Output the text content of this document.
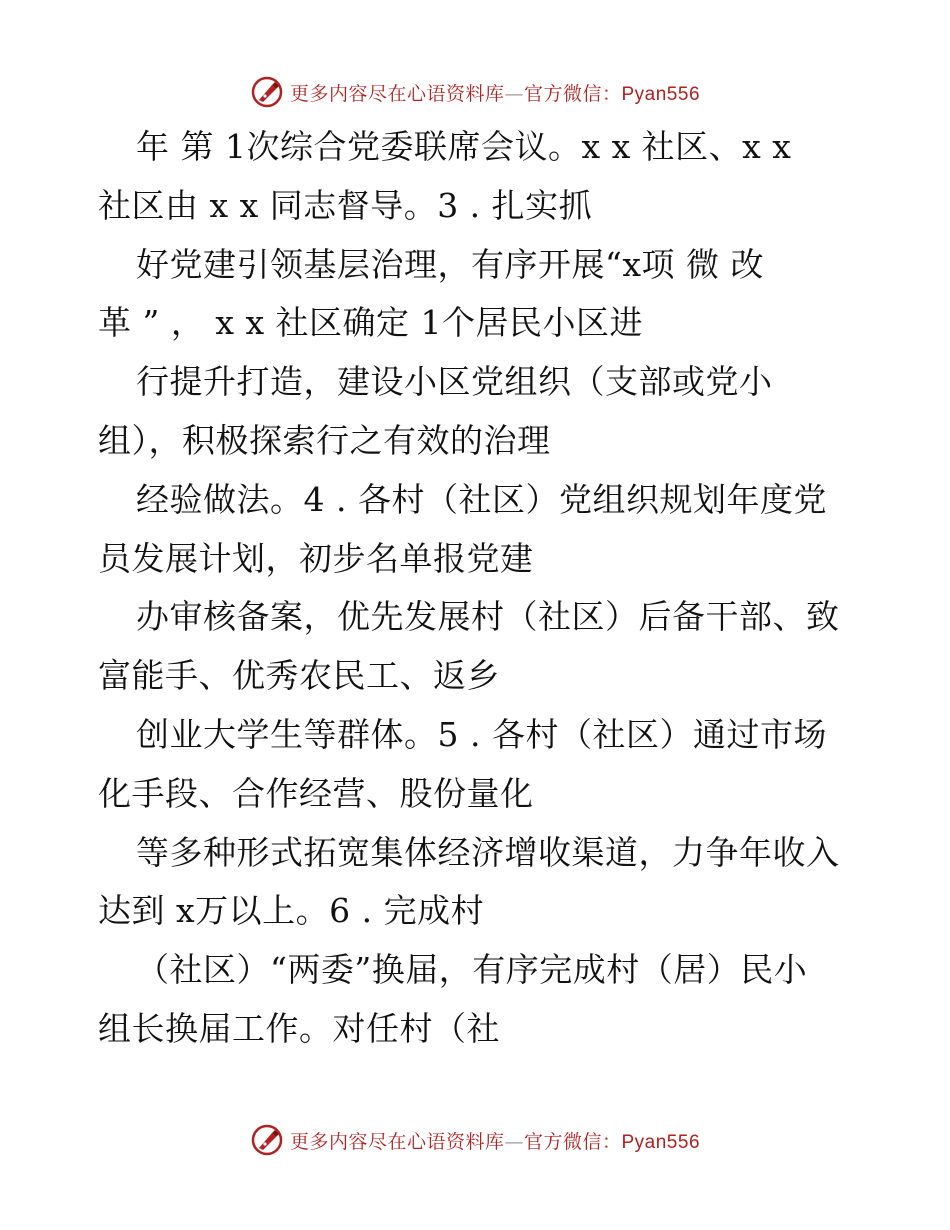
更多内容尽在心语资料库—官方微信：Pyan556
年 第 1次综合党委联席会议。x x 社区、x x
社区由 x x 同志督导。3 . 扎实抓
好党建引领基层治理，有序开展“x项 微 改
革 ” ， x x 社区确定 1个居民小区进
行提升打造，建设小区党组织（支部或党小
组），积极探索行之有效的治理
经验做法。4 . 各村（社区）党组织规划年度党
员发展计划，初步名单报党建
办审核备案，优先发展村（社区）后备干部、致
富能手、优秀农民工、返乡
创业大学生等群体。5 . 各村（社区）通过市场
化手段、合作经营、股份量化
等多种形式拓宽集体经济增收渠道，力争年收入
达到 x万以上。6 . 完成村
（社区）“两委”换届，有序完成村（居）民小
组长换届工作。对任村（社
更多内容尽在心语资料库—官方微信：Pyan556
